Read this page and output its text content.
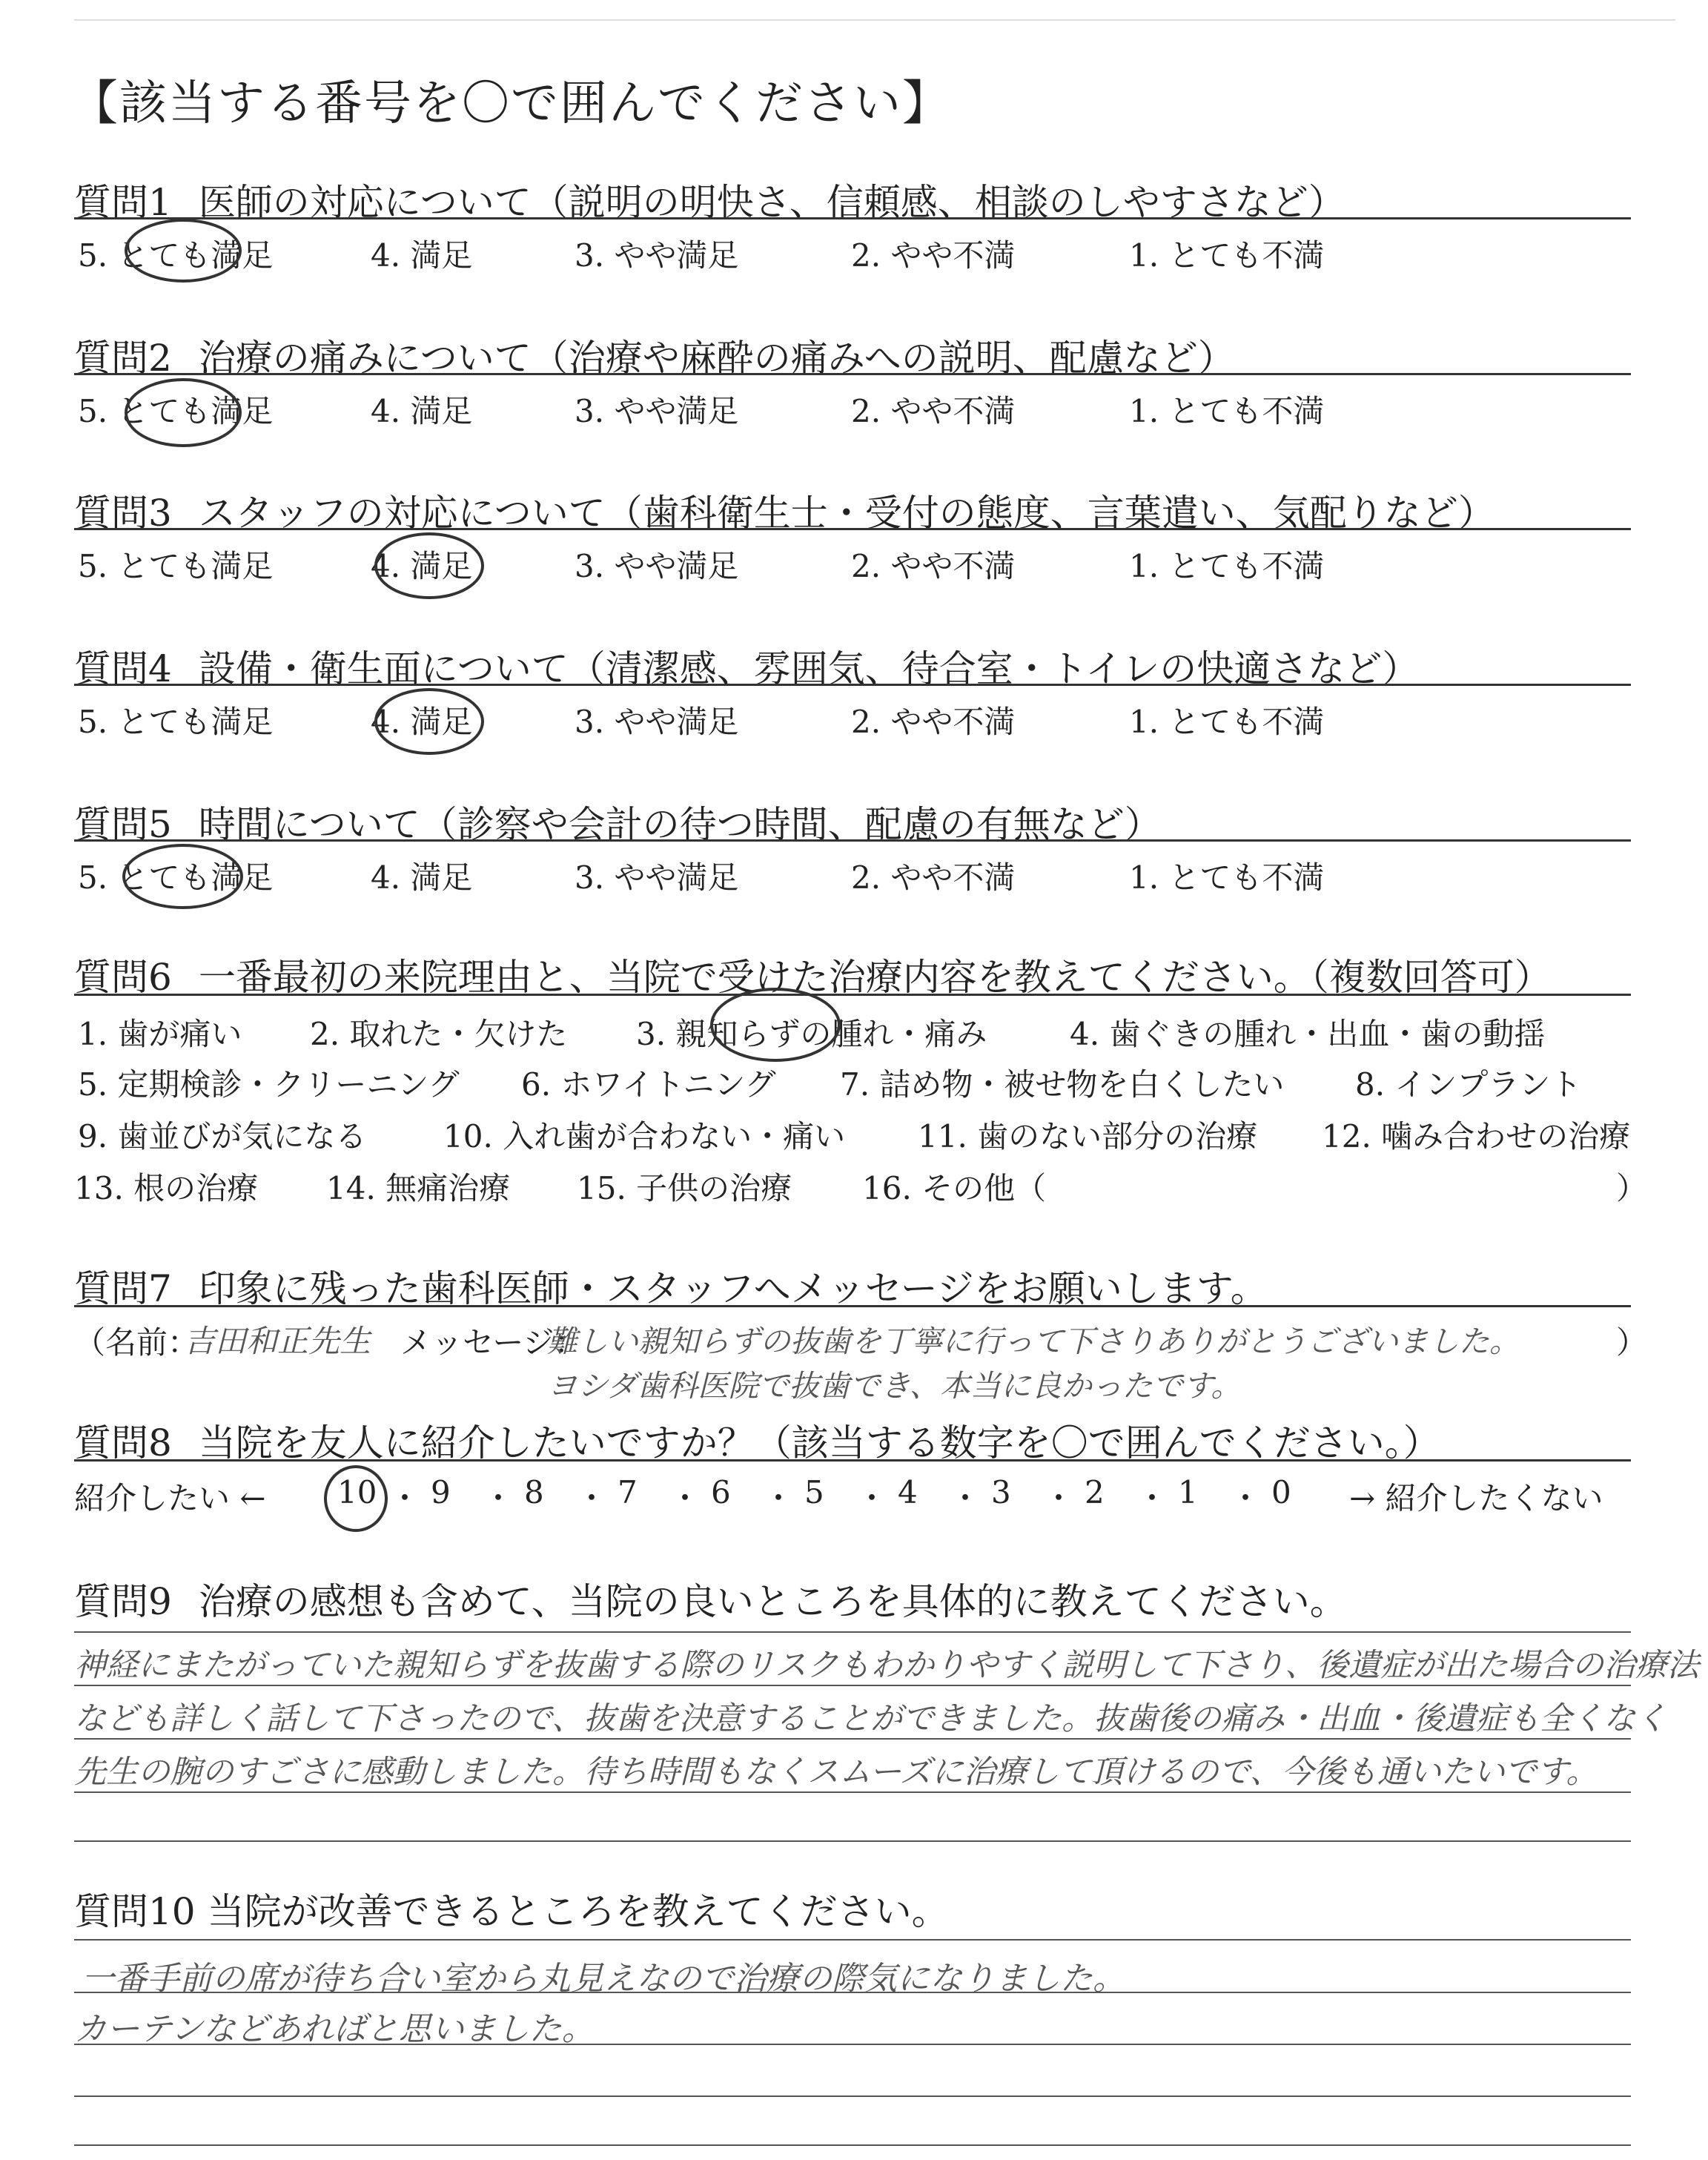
【該当する番号を〇で囲んでください】
質問1 医師の対応について（説明の明快さ、信頼感、相談のしやすさなど）
5. とても満足	4. 満足	3. やや満足	2. やや不満	1. とても不満
質問2 治療の痛みについて（治療や麻酔の痛みへの説明、配慮など）
5. とても満足	4. 満足	3. やや満足	2. やや不満	1. とても不満
質問3 スタッフの対応について（歯科衛生士・受付の態度、言葉遣い、気配りなど）
5. とても満足	4. 満足	3. やや満足	2. やや不満	1. とても不満
質問4 設備・衛生面について（清潔感、雰囲気、待合室・トイレの快適さなど）
5. とても満足	4. 満足	3. やや満足	2. やや不満	1. とても不満
質問5 時間について（診察や会計の待つ時間、配慮の有無など）
5. とても満足	4. 満足	3. やや満足	2. やや不満	1. とても不満
質問6 一番最初の来院理由と、当院で受けた治療内容を教えてください。（複数回答可）
1. 歯が痛い 2. 取れた・欠けた 3. 親知らずの腫れ・痛み	4. 歯ぐきの腫れ・出血・歯の動揺
5. 定期検診・クリーニング 6. ホワイトニング 7. 詰め物・被せ物を白くしたい 8. インプラント
9. 歯並びが気になる 10. 入れ歯が合わない・痛い 11. 歯のない部分の治療 12. 噛み合わせの治療
13. 根の治療 14. 無痛治療 15. 子供の治療 16. その他（	）
質問7 印象に残った歯科医師・スタッフへメッセージをお願いします。
（名前：
吉田和正先生 メッセージ：
難しい親知らずの抜歯を丁寧に行って下さりありがとうございました。	）
ヨシダ歯科医院で抜歯でき、本当に良かったです。
質問8 当院を友人に紹介したいですか？（該当する数字を〇で囲んでください。）
紹介したい ←	→ 紹介したくない
10 ・ 9 ・ 8 ・ 7 ・ 6 ・ 5 ・ 4 ・ 3 ・ 2 ・ 1 ・ 0
質問9 治療の感想も含めて、当院の良いところを具体的に教えてください。
神経にまたがっていた親知らずを抜歯する際のリスクもわかりやすく説明して下さり、後遺症が出た場合の治療法
なども詳しく話して下さったので、抜歯を決意することができました。抜歯後の痛み・出血・後遺症も全くなく
先生の腕のすごさに感動しました。待ち時間もなくスムーズに治療して頂けるので、今後も通いたいです。
質問10 当院が改善できるところを教えてください。
一番手前の席が待ち合い室から丸見えなので治療の際気になりました。
カーテンなどあればと思いました。
